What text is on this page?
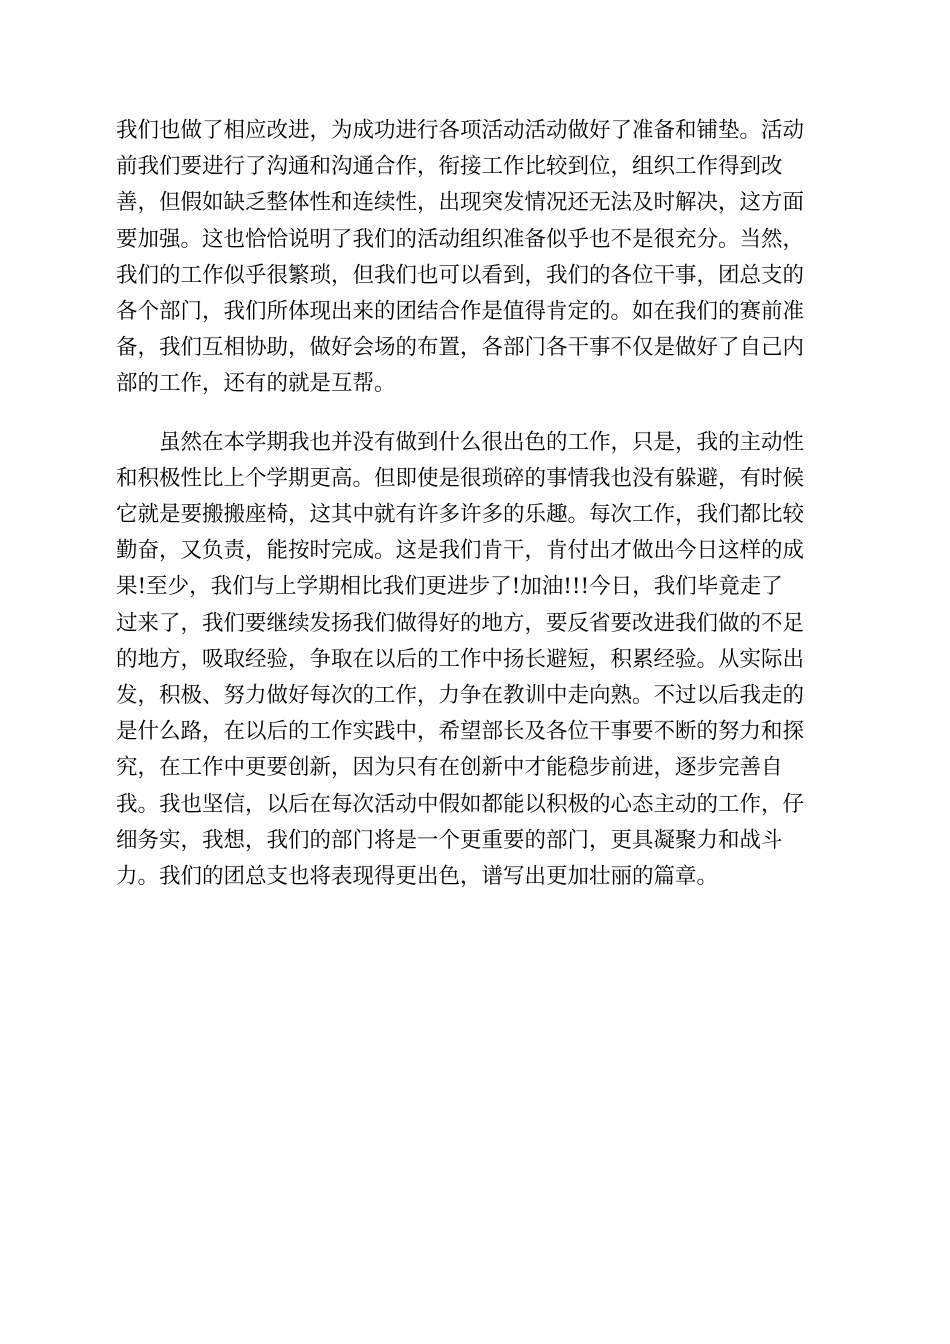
我们也做了相应改进，为成功进行各项活动活动做好了准备和铺垫。活动
前我们要进行了沟通和沟通合作，衔接工作比较到位，组织工作得到改
善，但假如缺乏整体性和连续性，出现突发情况还无法及时解决，这方面
要加强。这也恰恰说明了我们的活动组织准备似乎也不是很充分。当然，
我们的工作似乎很繁琐，但我们也可以看到，我们的各位干事，团总支的
各个部门，我们所体现出来的团结合作是值得肯定的。如在我们的赛前准
备，我们互相协助，做好会场的布置，各部门各干事不仅是做好了自己内
部的工作，还有的就是互帮。

虽然在本学期我也并没有做到什么很出色的工作，只是，我的主动性
和积极性比上个学期更高。但即使是很琐碎的事情我也没有躲避，有时候
它就是要搬搬座椅，这其中就有许多许多的乐趣。每次工作，我们都比较
勤奋，又负责，能按时完成。这是我们肯干，肯付出才做出今日这样的成
果!至少，我们与上学期相比我们更进步了!加油!!!今日，我们毕竟走了
过来了，我们要继续发扬我们做得好的地方，要反省要改进我们做的不足
的地方，吸取经验，争取在以后的工作中扬长避短，积累经验。从实际出
发，积极、努力做好每次的工作，力争在教训中走向熟。不过以后我走的
是什么路，在以后的工作实践中，希望部长及各位干事要不断的努力和探
究，在工作中更要创新，因为只有在创新中才能稳步前进，逐步完善自
我。我也坚信，以后在每次活动中假如都能以积极的心态主动的工作，仔
细务实，我想，我们的部门将是一个更重要的部门，更具凝聚力和战斗
力。我们的团总支也将表现得更出色，谱写出更加壮丽的篇章。
